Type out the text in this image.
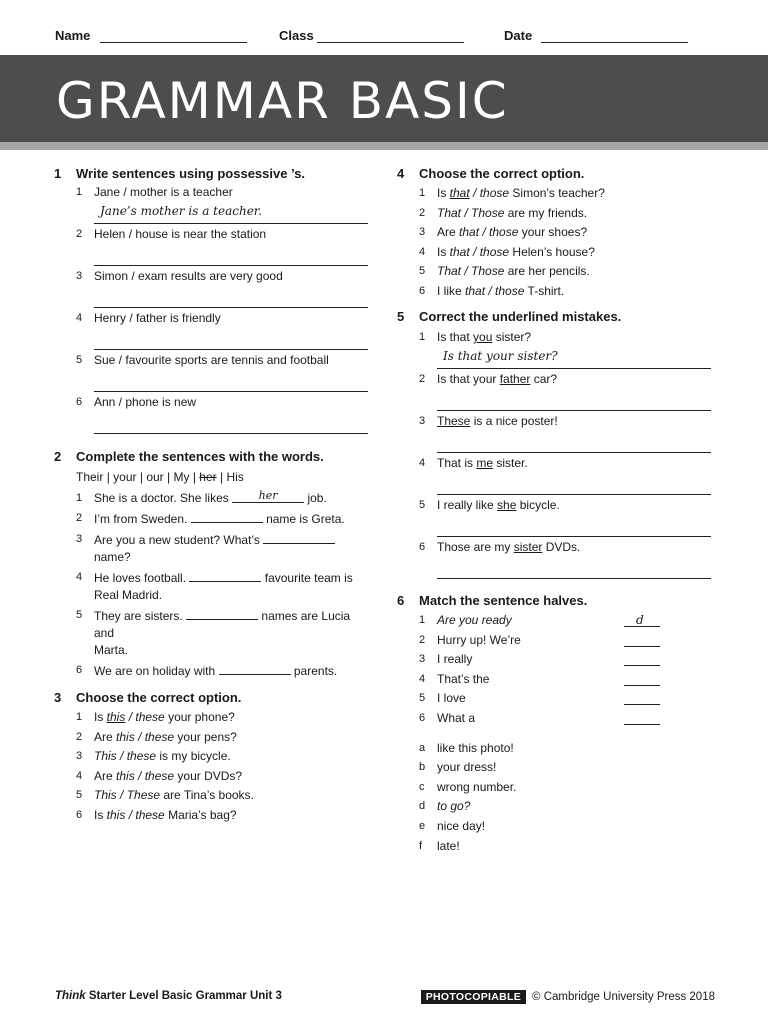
Name	Class	Date
GRAMMAR BASIC
1 Write sentences using possessive ’s.
1 Jane / mother is a teacher
Jane’s mother is a teacher.
2 Helen / house is near the station
3 Simon / exam results are very good
4 Henry / father is friendly
5 Sue / favourite sports are tennis and football
6 Ann / phone is new
2 Complete the sentences with the words.
Their | your | our | My | her | His
1 She is a doctor. She likes	her job.
2 I’m from Sweden.	name is Greta.
3 Are you a new student? What’s
name?
4 He loves football.	favourite team is
Real Madrid.
5 They are sisters.	names are Lucia and
Marta.
6 We are on holiday with	parents.
3 Choose the correct option.
1 Is this / these your phone?
2 Are this / these your pens?
3 This / these is my bicycle.
4 Are this / these your DVDs?
5 This / These are Tina’s books.
6 Is this / these Maria’s bag?
4 Choose the correct option.
1 Is that / those Simon’s teacher?
2 That / Those are my friends.
3 Are that / those your shoes?
4 Is that / those Helen’s house?
5 That / Those are her pencils.
6 I like that / those T-shirt.
5 Correct the underlined mistakes.
1 Is that you sister?
Is that your sister?
2 Is that your father car?
3 These is a nice poster!
4 That is me sister.
5 I really like she bicycle.
6 Those are my sister DVDs.
6 Match the sentence halves.
1 Are you ready	d
2 Hurry up! We’re
3 I really
4 That’s the
5 I love
6 What a
a like this photo!
b your dress!
c wrong number.
d to go?
e nice day!
f late!
Think Starter Level Basic Grammar Unit 3	PHOTOCOPIABLE © Cambridge University Press 2018
